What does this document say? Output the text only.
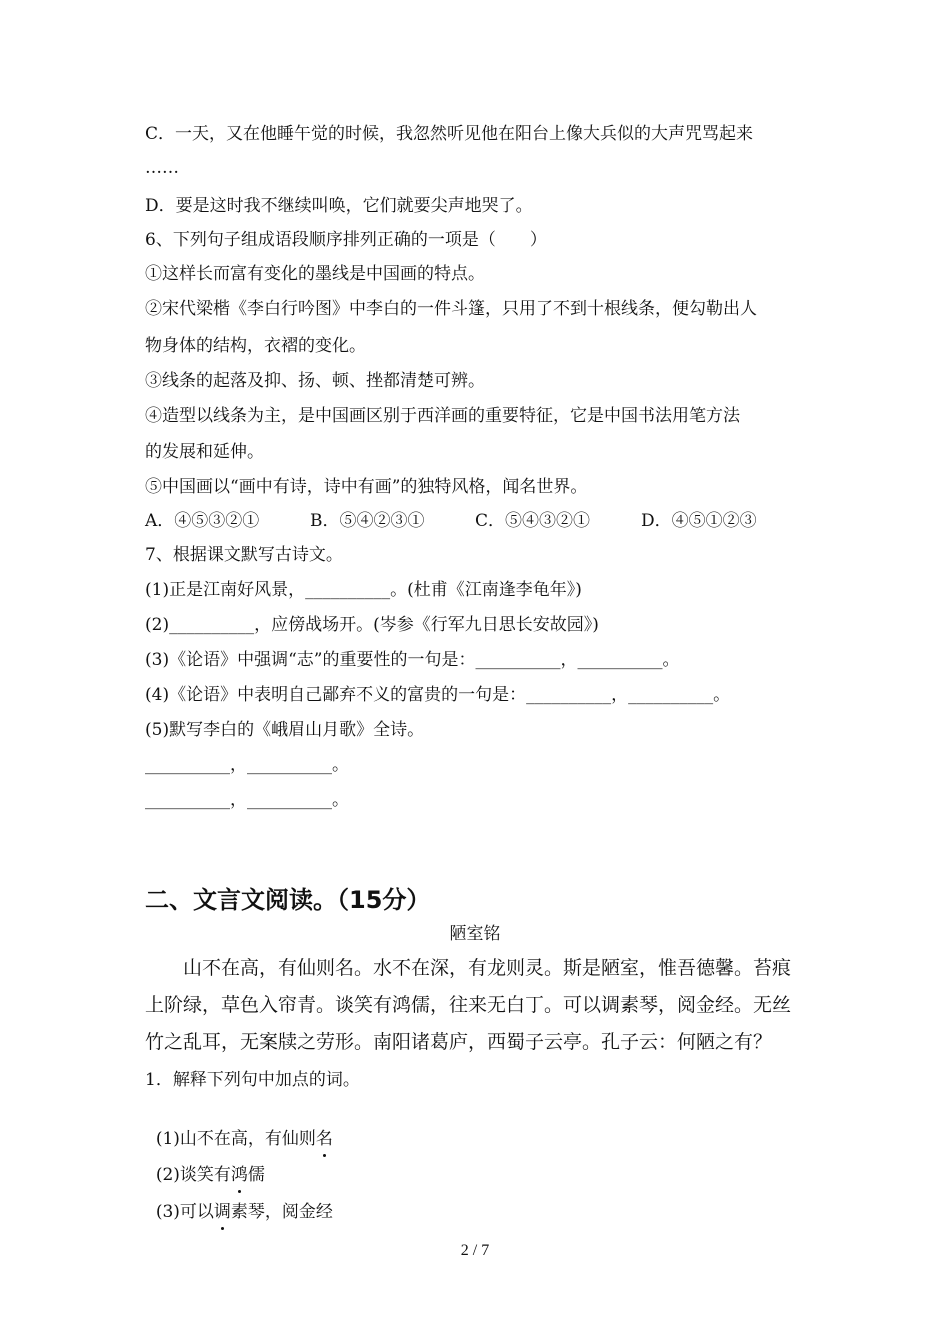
C．一天，又在他睡午觉的时候，我忽然听见他在阳台上像大兵似的大声咒骂起来
……
D．要是这时我不继续叫唤，它们就要尖声地哭了。
6、下列句子组成语段顺序排列正确的一项是（　　）
①这样长而富有变化的墨线是中国画的特点。
②宋代梁楷《李白行吟图》中李白的一件斗篷，只用了不到十根线条，便勾勒出人
物身体的结构，衣褶的变化。
③线条的起落及抑、扬、顿、挫都清楚可辨。
④造型以线条为主，是中国画区别于西洋画的重要特征，它是中国书法用笔方法
的发展和延伸。
⑤中国画以“画中有诗，诗中有画”的独特风格，闻名世界。
A．④⑤③②①	B．⑤④②③①	C．⑤④③②①	D．④⑤①②③
7、根据课文默写古诗文。
(1)正是江南好风景，__________。(杜甫《江南逢李龟年》)
(2)__________，应傍战场开。(岑参《行军九日思长安故园》)
(3)《论语》中强调“志”的重要性的一句是：__________，__________。
(4)《论语》中表明自己鄙弃不义的富贵的一句是：__________，__________。
(5)默写李白的《峨眉山月歌》全诗。
__________，__________。
__________，__________。
二、文言文阅读。（15分）
陋室铭
　　山不在高，有仙则名。水不在深，有龙则灵。斯是陋室，惟吾德馨。苔痕
上阶绿，草色入帘青。谈笑有鸿儒，往来无白丁。可以调素琴，阅金经。无丝
竹之乱耳，无案牍之劳形。南阳诸葛庐，西蜀子云亭。孔子云：何陋之有？
1．解释下列句中加点的词。

(1)山不在高，有仙则名

(2)谈笑有鸿儒

(3)可以调素琴，阅金经

2 / 7
